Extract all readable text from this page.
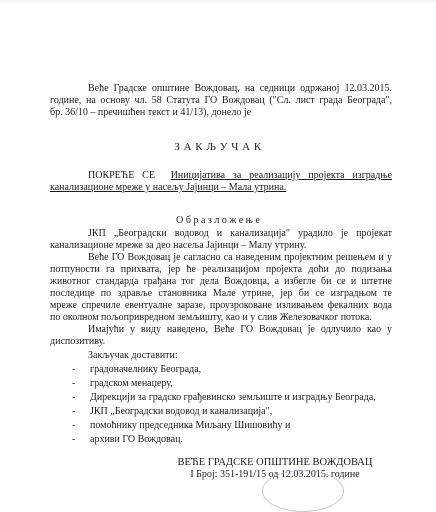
Веће Градске општине Вождовац, на седници одржаној 12.03.2015.
године, на основу чл. 58 Статута ГО Вождовац ("Сл. лист града Београда",
бр. 36/10 – пречишћен текст и 41/13), донело је
З А К Љ У Ч А К
ПОКРЕЋЕ СЕ Иницијатива за реализацију пројекта изградње
канализационе мреже у насељу Јајинци – Мала утрина.
О б р а з л о ж е њ е
ЈКП „Београдски водовод и канализација" урадило је пројекат
канализационе мреже за део насеља Јајинци – Малу утрину.
Веће ГО Вождовац је сагласно са наведеним пројектним решењем и у
потпуности га прихвата, јер ће реализацијом пројекта доћи до подизања
животног стандарда грађана тог дела Вождовца, а избегле би се и штетне
последице по здравље становника Мале утрине, јер би се изградњом те
мреже спречиле евентуалне заразе, проузроковане изливањем фекалних вода
по околном пољопривредном земљишту, као и у слив Железовачког потока.
Имајући у виду наведено, Веће ГО Вождовац је одлучило као у
диспозитиву.
Закључак доставити:
- градоначелнику Београда,
- градском менаџеру,
- Дирекцији за градско грађевинско земљиште и изградњу Београда,
- ЈКП „Београдски водовод и канализација",
- помоћнику председника Миљану Шишовићу и
- архиви ГО Вождовац.
ВЕЋЕ ГРАДСКЕ ОПШТИНЕ ВОЖДОВАЦ
I Број: 351-191/15 од 12.03.2015. године
